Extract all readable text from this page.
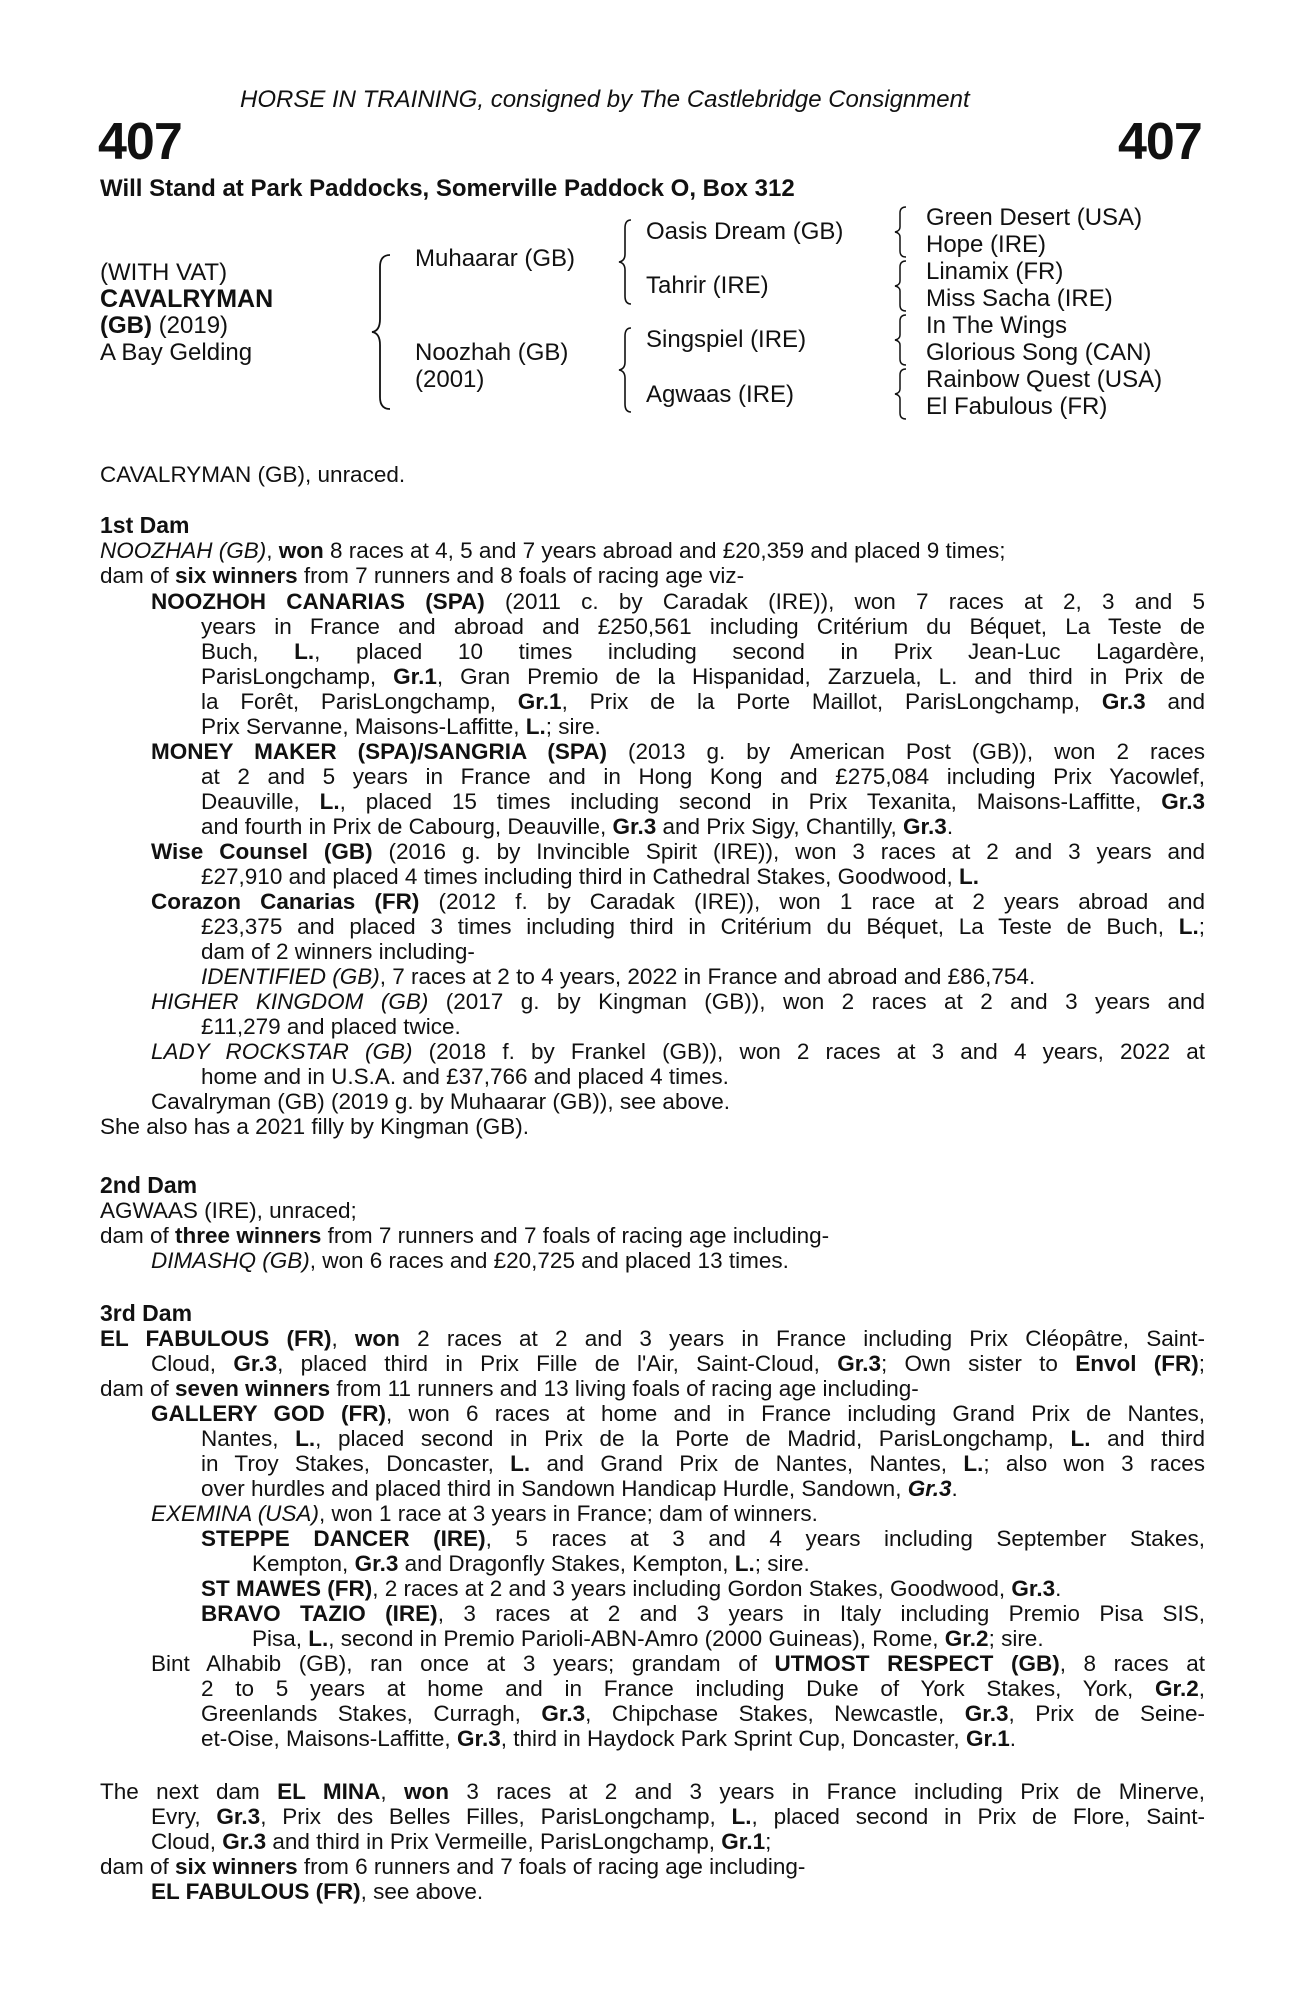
HORSE IN TRAINING, consigned by The Castlebridge Consignment
407	407
Will Stand at Park Paddocks, Somerville Paddock O, Box 312
(WITH VAT)
CAVALRYMAN
(GB) (2019)
A Bay Gelding
Muhaarar (GB)
Noozhah (GB)
(2001)
Oasis Dream (GB)
Tahrir (IRE)
Singspiel (IRE)
Agwaas (IRE)
Green Desert (USA)
Hope (IRE)
Linamix (FR)
Miss Sacha (IRE)
In The Wings
Glorious Song (CAN)
Rainbow Quest (USA)
El Fabulous (FR)
CAVALRYMAN (GB), unraced.
1st Dam
NOOZHAH (GB), won 8 races at 4, 5 and 7 years abroad and £20,359 and placed 9 times;
dam of six winners from 7 runners and 8 foals of racing age viz-
NOOZHOH CANARIAS (SPA) (2011 c. by Caradak (IRE)), won 7 races at 2, 3 and 5
years in France and abroad and £250,561 including Critérium du Béquet, La Teste de
Buch, L., placed 10 times including second in Prix Jean-Luc Lagardère,
ParisLongchamp, Gr.1, Gran Premio de la Hispanidad, Zarzuela, L. and third in Prix de
la Forêt, ParisLongchamp, Gr.1, Prix de la Porte Maillot, ParisLongchamp, Gr.3 and
Prix Servanne, Maisons-Laffitte, L.; sire.
MONEY MAKER (SPA)/SANGRIA (SPA) (2013 g. by American Post (GB)), won 2 races
at 2 and 5 years in France and in Hong Kong and £275,084 including Prix Yacowlef,
Deauville, L., placed 15 times including second in Prix Texanita, Maisons-Laffitte, Gr.3
and fourth in Prix de Cabourg, Deauville, Gr.3 and Prix Sigy, Chantilly, Gr.3.
Wise Counsel (GB) (2016 g. by Invincible Spirit (IRE)), won 3 races at 2 and 3 years and
£27,910 and placed 4 times including third in Cathedral Stakes, Goodwood, L.
Corazon Canarias (FR) (2012 f. by Caradak (IRE)), won 1 race at 2 years abroad and
£23,375 and placed 3 times including third in Critérium du Béquet, La Teste de Buch, L.;
dam of 2 winners including-
IDENTIFIED (GB), 7 races at 2 to 4 years, 2022 in France and abroad and £86,754.
HIGHER KINGDOM (GB) (2017 g. by Kingman (GB)), won 2 races at 2 and 3 years and
£11,279 and placed twice.
LADY ROCKSTAR (GB) (2018 f. by Frankel (GB)), won 2 races at 3 and 4 years, 2022 at
home and in U.S.A. and £37,766 and placed 4 times.
Cavalryman (GB) (2019 g. by Muhaarar (GB)), see above.
She also has a 2021 filly by Kingman (GB).
2nd Dam
AGWAAS (IRE), unraced;
dam of three winners from 7 runners and 7 foals of racing age including-
DIMASHQ (GB), won 6 races and £20,725 and placed 13 times.
3rd Dam
EL FABULOUS (FR), won 2 races at 2 and 3 years in France including Prix Cléopâtre, Saint-
Cloud, Gr.3, placed third in Prix Fille de l'Air, Saint-Cloud, Gr.3; Own sister to Envol (FR);
dam of seven winners from 11 runners and 13 living foals of racing age including-
GALLERY GOD (FR), won 6 races at home and in France including Grand Prix de Nantes,
Nantes, L., placed second in Prix de la Porte de Madrid, ParisLongchamp, L. and third
in Troy Stakes, Doncaster, L. and Grand Prix de Nantes, Nantes, L.; also won 3 races
over hurdles and placed third in Sandown Handicap Hurdle, Sandown, Gr.3.
EXEMINA (USA), won 1 race at 3 years in France; dam of winners.
STEPPE DANCER (IRE), 5 races at 3 and 4 years including September Stakes,
Kempton, Gr.3 and Dragonfly Stakes, Kempton, L.; sire.
ST MAWES (FR), 2 races at 2 and 3 years including Gordon Stakes, Goodwood, Gr.3.
BRAVO TAZIO (IRE), 3 races at 2 and 3 years in Italy including Premio Pisa SIS,
Pisa, L., second in Premio Parioli-ABN-Amro (2000 Guineas), Rome, Gr.2; sire.
Bint Alhabib (GB), ran once at 3 years; grandam of UTMOST RESPECT (GB), 8 races at
2 to 5 years at home and in France including Duke of York Stakes, York, Gr.2,
Greenlands Stakes, Curragh, Gr.3, Chipchase Stakes, Newcastle, Gr.3, Prix de Seine-
et-Oise, Maisons-Laffitte, Gr.3, third in Haydock Park Sprint Cup, Doncaster, Gr.1.
The next dam EL MINA, won 3 races at 2 and 3 years in France including Prix de Minerve,
Evry, Gr.3, Prix des Belles Filles, ParisLongchamp, L., placed second in Prix de Flore, Saint-
Cloud, Gr.3 and third in Prix Vermeille, ParisLongchamp, Gr.1;
dam of six winners from 6 runners and 7 foals of racing age including-
EL FABULOUS (FR), see above.
